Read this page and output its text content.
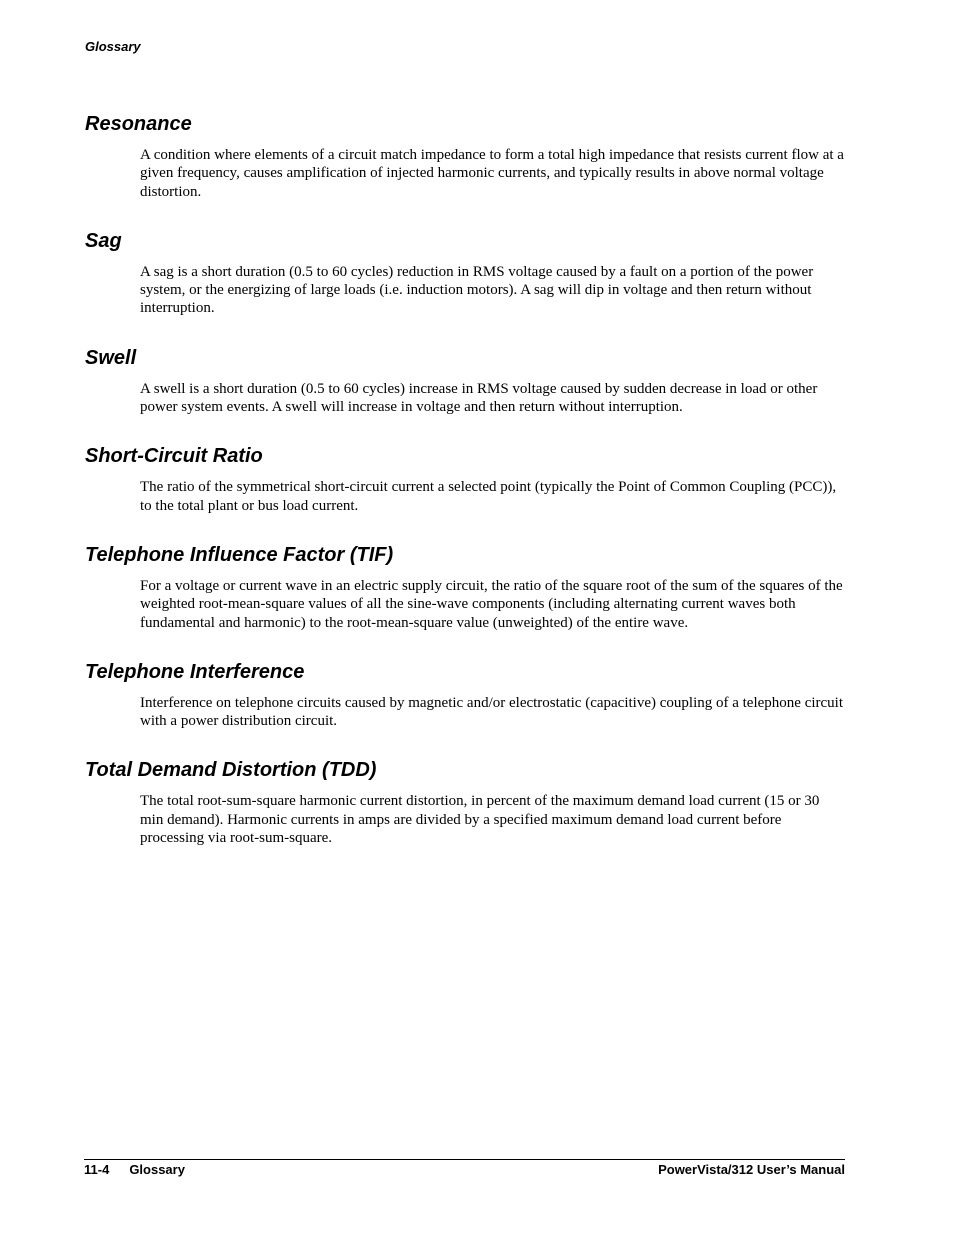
Glossary
Resonance

A condition where elements of a circuit match impedance to form a total high impedance that resists current flow at a given frequency, causes amplification of injected harmonic currents, and typically results in above normal voltage distortion.

Sag

A sag is a short duration (0.5 to 60 cycles) reduction in RMS voltage caused by a fault on a portion of the power system, or the energizing of large loads (i.e. induction motors). A sag will dip in voltage and then return without interruption.

Swell

A swell is a short duration (0.5 to 60 cycles) increase in RMS voltage caused by sudden decrease in load or other power system events. A swell will increase in voltage and then return without interruption.

Short-Circuit Ratio

The ratio of the symmetrical short-circuit current a selected point (typically the Point of Common Coupling (PCC)), to the total plant or bus load current.

Telephone Influence Factor (TIF)

For a voltage or current wave in an electric supply circuit, the ratio of the square root of the sum of the squares of the weighted root-mean-square values of all the sine-wave components (including alternating current waves both fundamental and harmonic) to the root-mean-square value (unweighted) of the entire wave.

Telephone Interference

Interference on telephone circuits caused by magnetic and/or electrostatic (capacitive) coupling of a telephone circuit with a power distribution circuit.

Total Demand Distortion (TDD)

The total root-sum-square harmonic current distortion, in percent of the maximum demand load current (15 or 30 min demand). Harmonic currents in amps are divided by a specified maximum demand load current before processing via root-sum-square.

11-4 Glossary	PowerVista/312 User’s Manual
